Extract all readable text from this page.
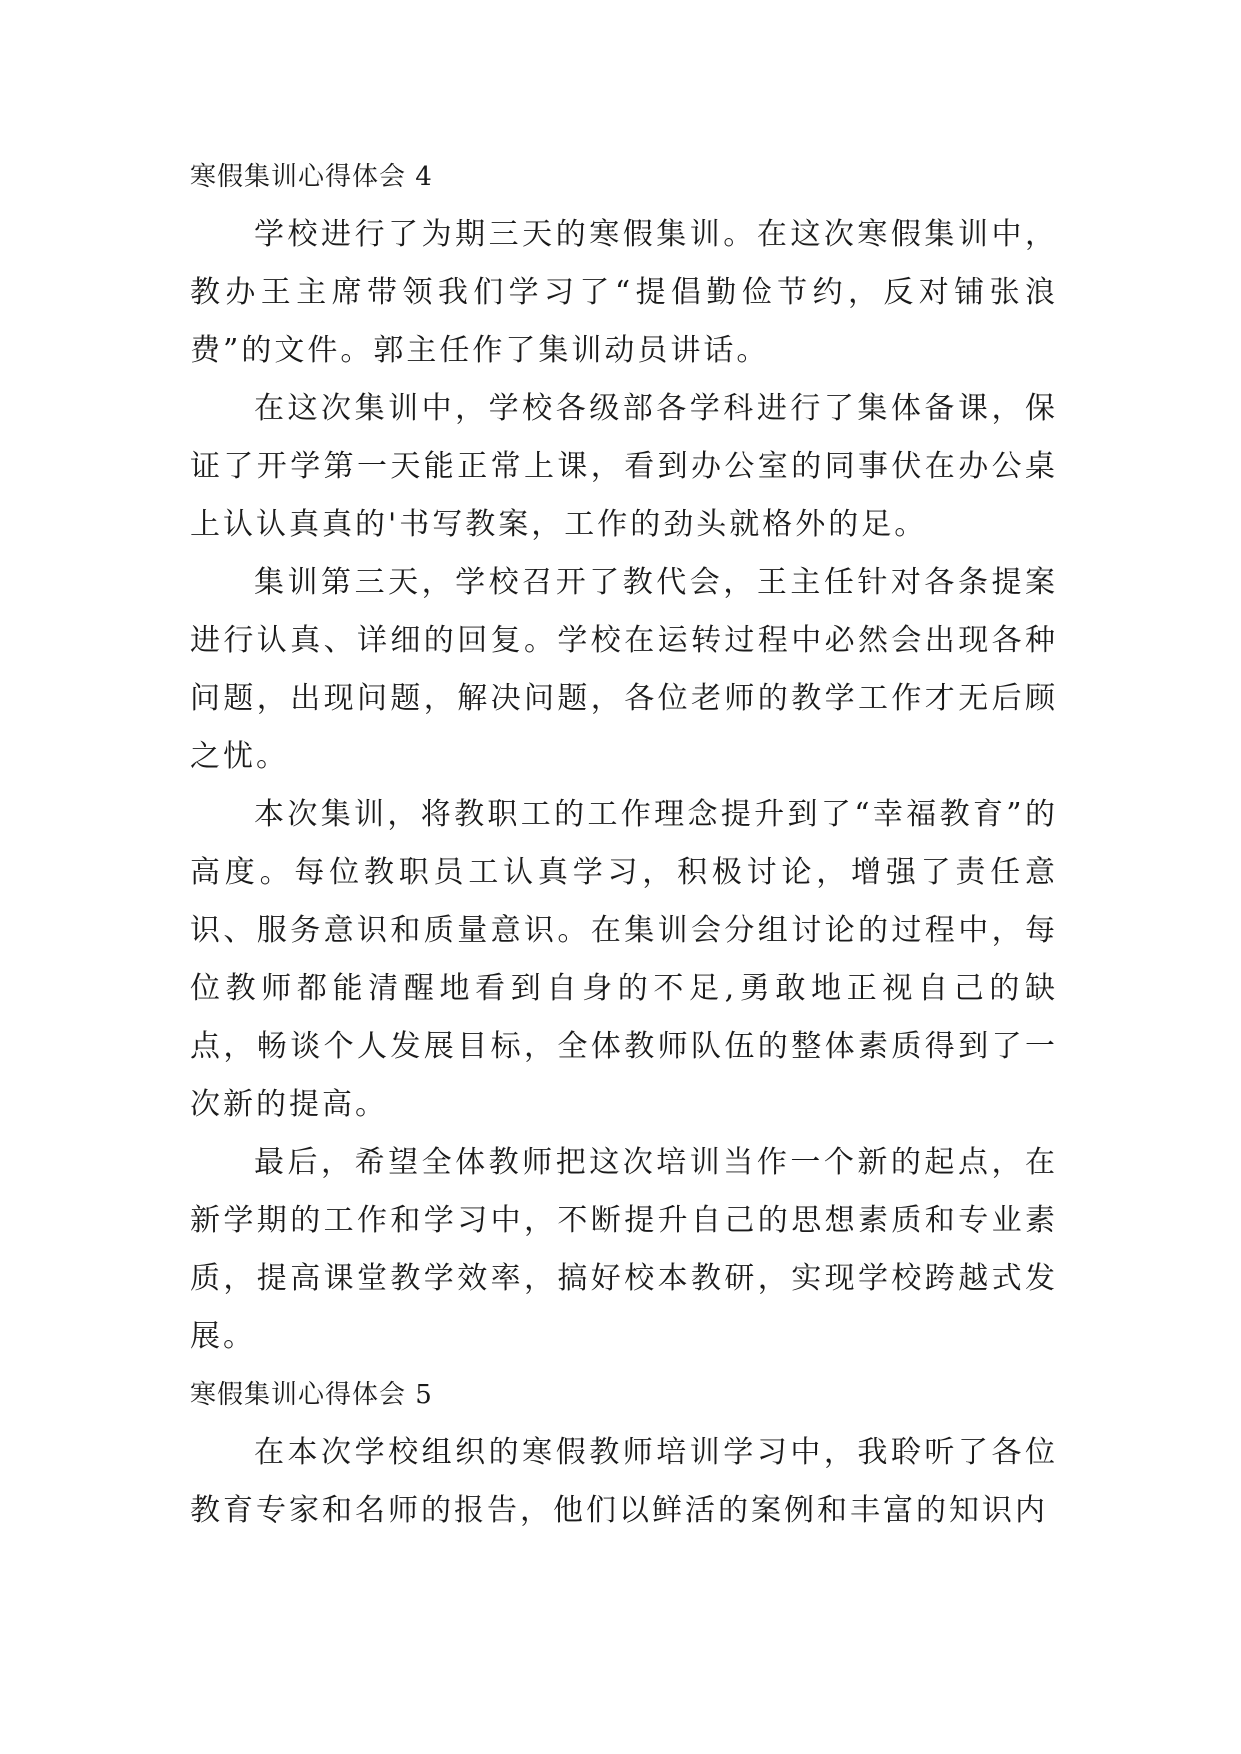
寒假集训心得体会 4

学校进行了为期三天的寒假集训。在这次寒假集训中，教办王主席带领我们学习了“提倡勤俭节约，反对铺张浪费”的文件。郭主任作了集训动员讲话。

在这次集训中，学校各级部各学科进行了集体备课，保证了开学第一天能正常上课，看到办公室的同事伏在办公桌上认认真真的'书写教案，工作的劲头就格外的足。

集训第三天，学校召开了教代会，王主任针对各条提案进行认真、详细的回复。学校在运转过程中必然会出现各种问题，出现问题，解决问题，各位老师的教学工作才无后顾之忧。

本次集训，将教职工的工作理念提升到了“幸福教育”的高度。每位教职员工认真学习，积极讨论，增强了责任意识、服务意识和质量意识。在集训会分组讨论的过程中，每位教师都能清醒地看到自身的不足,勇敢地正视自己的缺点，畅谈个人发展目标，全体教师队伍的整体素质得到了一次新的提高。

最后，希望全体教师把这次培训当作一个新的起点，在新学期的工作和学习中，不断提升自己的思想素质和专业素质，提高课堂教学效率，搞好校本教研，实现学校跨越式发展。

寒假集训心得体会 5

在本次学校组织的寒假教师培训学习中，我聆听了各位教育专家和名师的报告，他们以鲜活的案例和丰富的知识内
